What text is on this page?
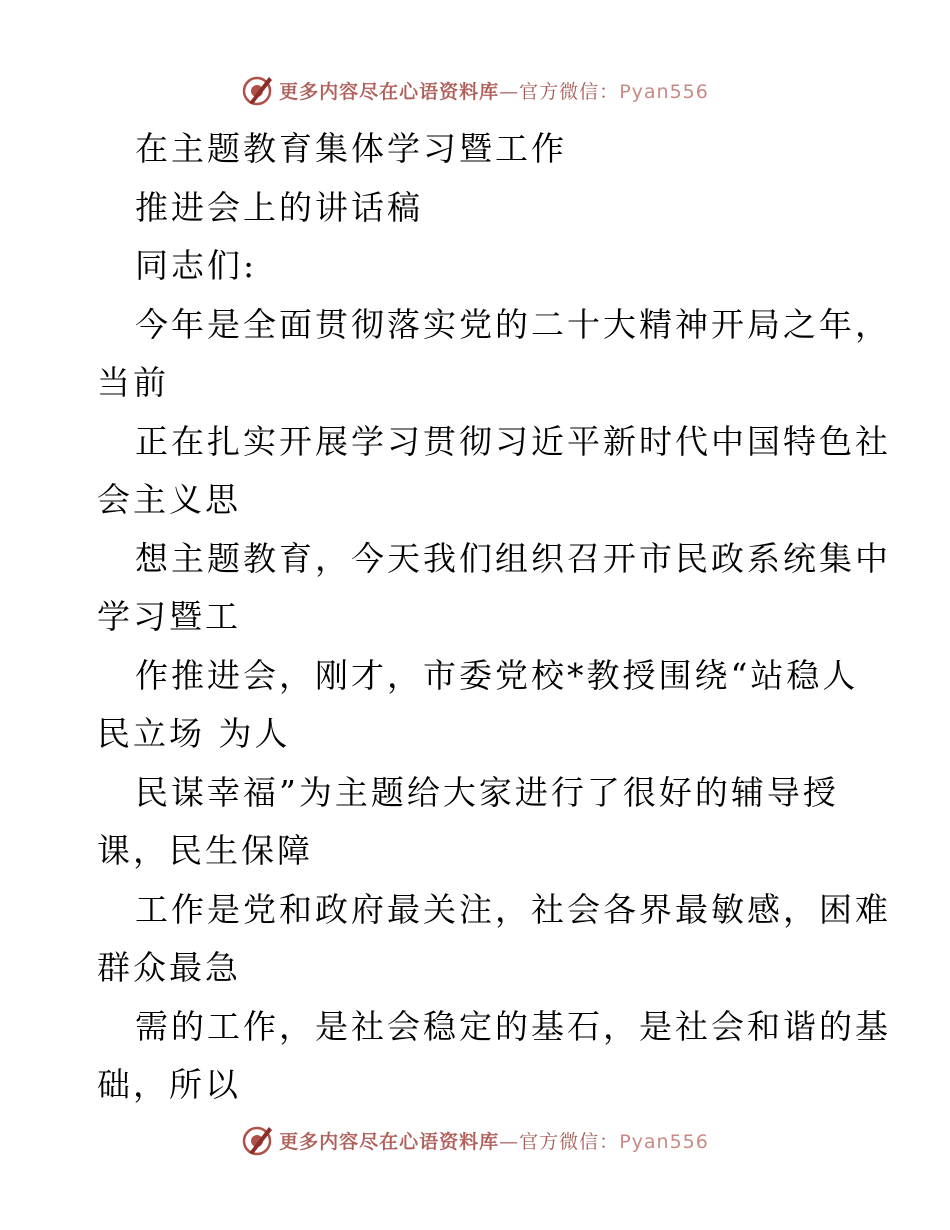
更多内容尽在心语资料库—官方微信：Pyan556
在主题教育集体学习暨工作
推进会上的讲话稿
同志们:
今年是全面贯彻落实党的二十大精神开局之年，
当前
正在扎实开展学习贯彻习近平新时代中国特色社
会主义思
想主题教育，今天我们组织召开市民政系统集中
学习暨工
作推进会，刚才，市委党校*教授围绕“站稳人
民立场 为人
民谋幸福”为主题给大家进行了很好的辅导授
课，民生保障
工作是党和政府最关注，社会各界最敏感，困难
群众最急
需的工作，是社会稳定的基石，是社会和谐的基
础，所以
更多内容尽在心语资料库—官方微信：Pyan556
